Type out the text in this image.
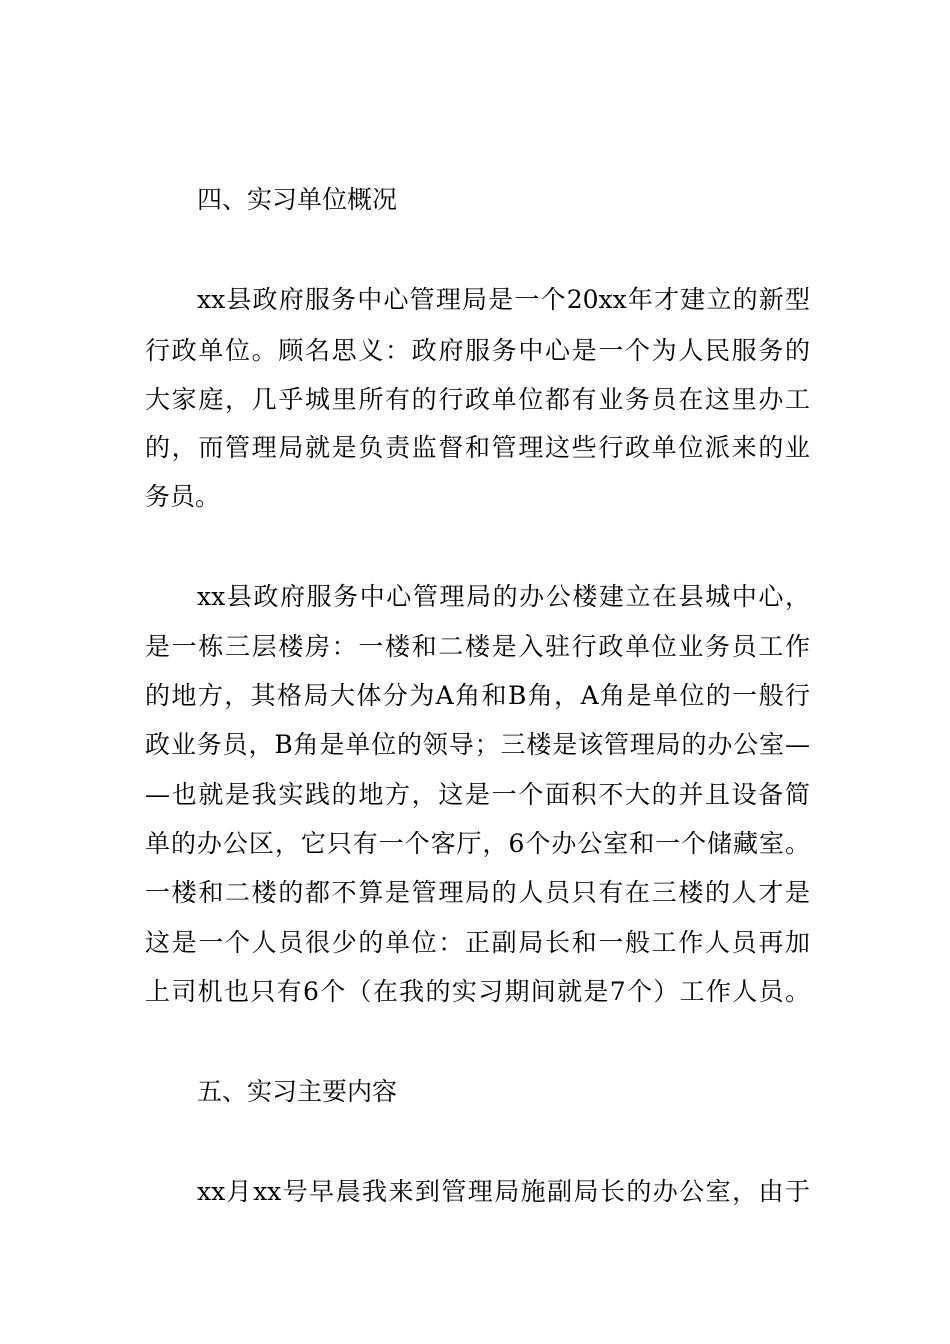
四、实习单位概况

xx县政府服务中心管理局是一个20xx年才建立的新型

行政单位。顾名思义：政府服务中心是一个为人民服务的

大家庭，几乎城里所有的行政单位都有业务员在这里办工

的，而管理局就是负责监督和管理这些行政单位派来的业

务员。

xx县政府服务中心管理局的办公楼建立在县城中心，

是一栋三层楼房：一楼和二楼是入驻行政单位业务员工作

的地方，其格局大体分为A角和B角，A角是单位的一般行

政业务员，B角是单位的领导；三楼是该管理局的办公室—

—也就是我实践的地方，这是一个面积不大的并且设备简

单的办公区，它只有一个客厅，6个办公室和一个储藏室。

一楼和二楼的都不算是管理局的人员只有在三楼的人才是

这是一个人员很少的单位：正副局长和一般工作人员再加

上司机也只有6个（在我的实习期间就是7个）工作人员。

五、实习主要内容

xx月xx号早晨我来到管理局施副局长的办公室，由于
